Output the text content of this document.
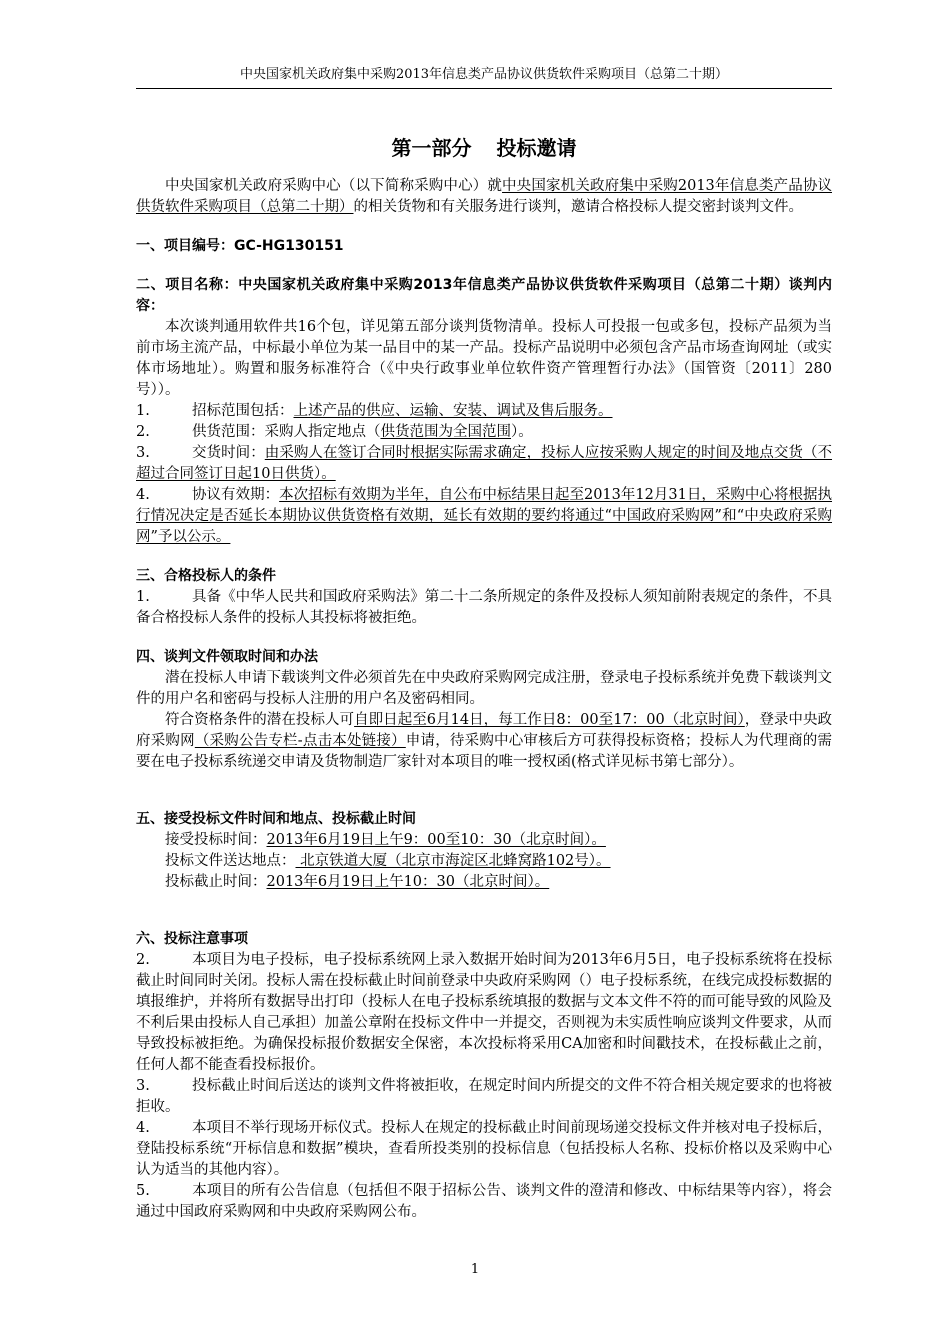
中央国家机关政府集中采购2013年信息类产品协议供货软件采购项目（总第二十期）
第一部分 投标邀请

中央国家机关政府采购中心（以下简称采购中心）就中央国家机关政府集中采购2013年信息类产品协议供货软件采购项目（总第二十期）的相关货物和有关服务进行谈判，邀请合格投标人提交密封谈判文件。

一、项目编号：GC-HG130151

二、项目名称：中央国家机关政府集中采购2013年信息类产品协议供货软件采购项目（总第二十期）谈判内容：

本次谈判通用软件共16个包，详见第五部分谈判货物清单。投标人可投报一包或多包，投标产品须为当前市场主流产品，中标最小单位为某一品目中的某一产品。投标产品说明中必须包含产品市场查询网址（或实体市场地址）。购置和服务标准符合（《中央行政事业单位软件资产管理暂行办法》（国管资〔2011〕280号））。

1.	招标范围包括：上述产品的供应、运输、安装、调试及售后服务。

2.	供货范围：采购人指定地点（供货范围为全国范围）。

3.	交货时间：由采购人在签订合同时根据实际需求确定，投标人应按采购人规定的时间及地点交货（不超过合同签订日起10日供货）。

4.	协议有效期：本次招标有效期为半年，自公布中标结果日起至2013年12月31日，采购中心将根据执行情况决定是否延长本期协议供货资格有效期，延长有效期的要约将通过“中国政府采购网”和“中央政府采购网”予以公示。

三、合格投标人的条件

1.	具备《中华人民共和国政府采购法》第二十二条所规定的条件及投标人须知前附表规定的条件，不具备合格投标人条件的投标人其投标将被拒绝。

四、谈判文件领取时间和办法

潜在投标人申请下载谈判文件必须首先在中央政府采购网完成注册，登录电子投标系统并免费下载谈判文件的用户名和密码与投标人注册的用户名及密码相同。

符合资格条件的潜在投标人可自即日起至6月14日，每工作日8：00至17：00（北京时间），登录中央政府采购网（采购公告专栏-点击本处链接）申请，待采购中心审核后方可获得投标资格；投标人为代理商的需要在电子投标系统递交申请及货物制造厂家针对本项目的唯一授权函(格式详见标书第七部分）。

五、接受投标文件时间和地点、投标截止时间

接受投标时间：2013年6月19日上午9：00至10：30（北京时间）。

投标文件送达地点： 北京铁道大厦（北京市海淀区北蜂窝路102号）。

投标截止时间：2013年6月19日上午10：30（北京时间）。

六、投标注意事项

2.	本项目为电子投标，电子投标系统网上录入数据开始时间为2013年6月5日，电子投标系统将在投标截止时间同时关闭。投标人需在投标截止时间前登录中央政府采购网（）电子投标系统，在线完成投标数据的填报维护，并将所有数据导出打印（投标人在电子投标系统填报的数据与文本文件不符的而可能导致的风险及不利后果由投标人自己承担）加盖公章附在投标文件中一并提交，否则视为未实质性响应谈判文件要求，从而导致投标被拒绝。为确保投标报价数据安全保密，本次投标将采用CA加密和时间戳技术，在投标截止之前，任何人都不能查看投标报价。

3.	投标截止时间后送达的谈判文件将被拒收，在规定时间内所提交的文件不符合相关规定要求的也将被拒收。

4.	本项目不举行现场开标仪式。投标人在规定的投标截止时间前现场递交投标文件并核对电子投标后，登陆投标系统“开标信息和数据”模块，查看所投类别的投标信息（包括投标人名称、投标价格以及采购中心认为适当的其他内容）。

5.	本项目的所有公告信息（包括但不限于招标公告、谈判文件的澄清和修改、中标结果等内容），将会通过中国政府采购网和中央政府采购网公布。

1
